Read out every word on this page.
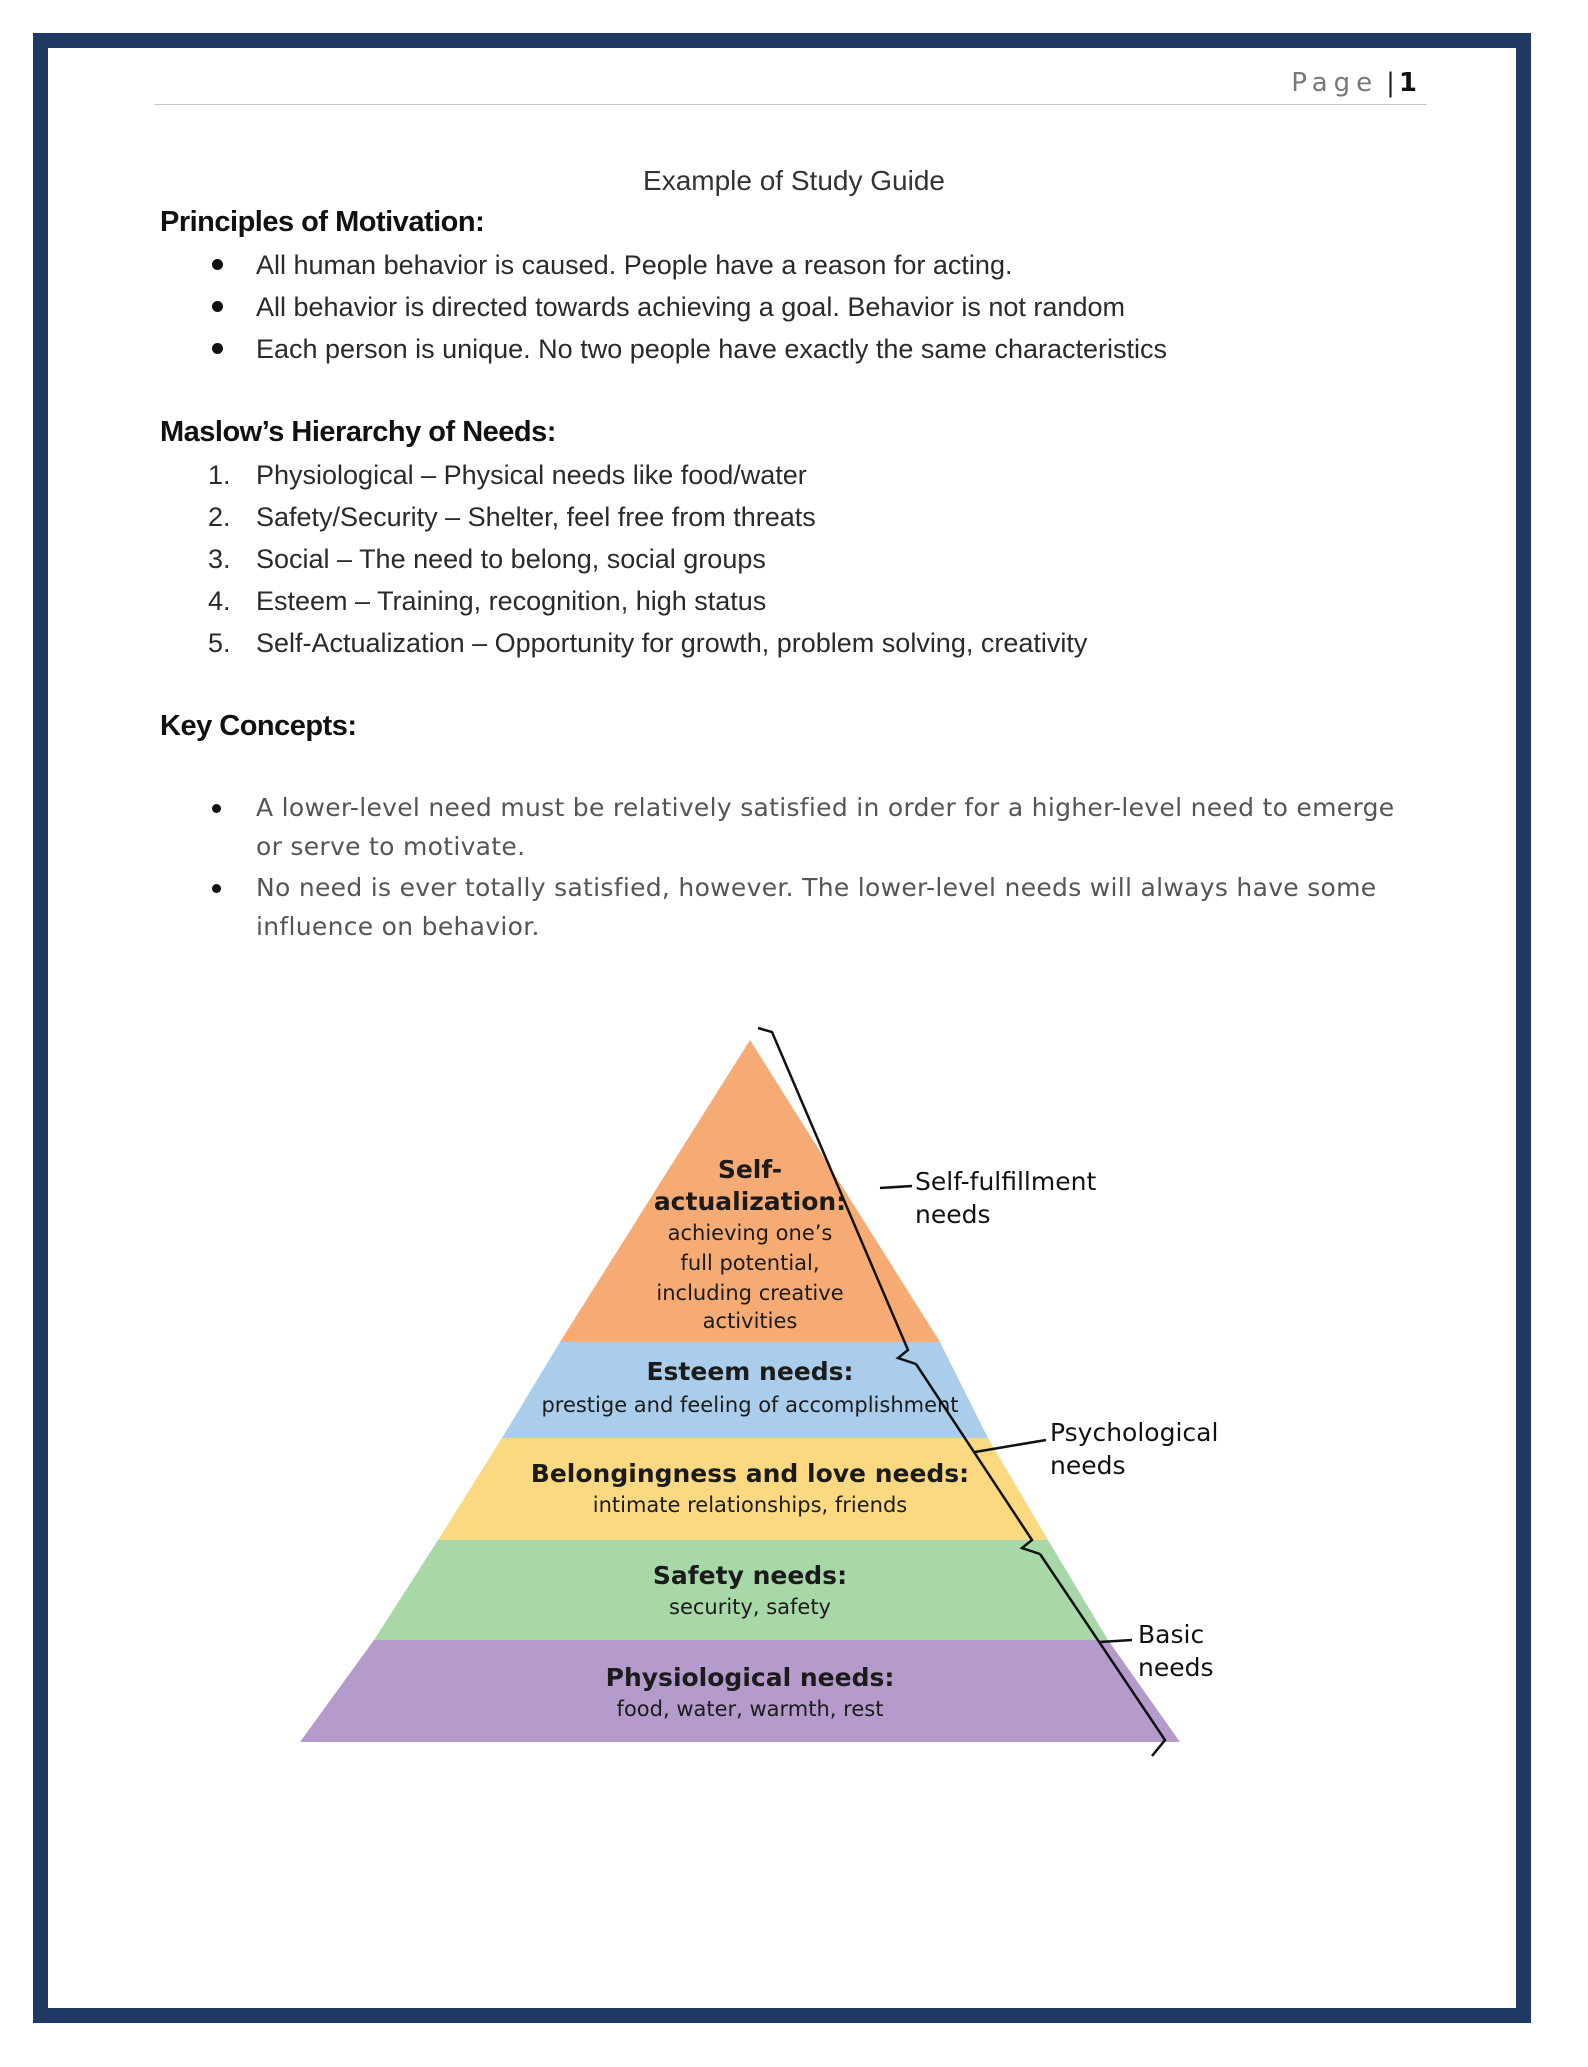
Page | 1
Example of Study Guide
Principles of Motivation:
All human behavior is caused. People have a reason for acting.
All behavior is directed towards achieving a goal. Behavior is not random
Each person is unique. No two people have exactly the same characteristics
Maslow’s Hierarchy of Needs:
1. Physiological – Physical needs like food/water
2. Safety/Security – Shelter, feel free from threats
3. Social – The need to belong, social groups
4. Esteem – Training, recognition, high status
5. Self-Actualization – Opportunity for growth, problem solving, creativity
Key Concepts:
A lower-level need must be relatively satisfied in order for a higher-level need to emerge or serve to motivate.
No need is ever totally satisfied, however. The lower-level needs will always have some influence on behavior.
Self-
actualization:
achieving one’s
full potential,
including creative
activities
Esteem needs:
prestige and feeling of accomplishment
Belongingness and love needs:
intimate relationships, friends
Safety needs:
security, safety
Physiological needs:
food, water, warmth, rest
Self-fulfillment
needs
Psychological
needs
Basic
needs
